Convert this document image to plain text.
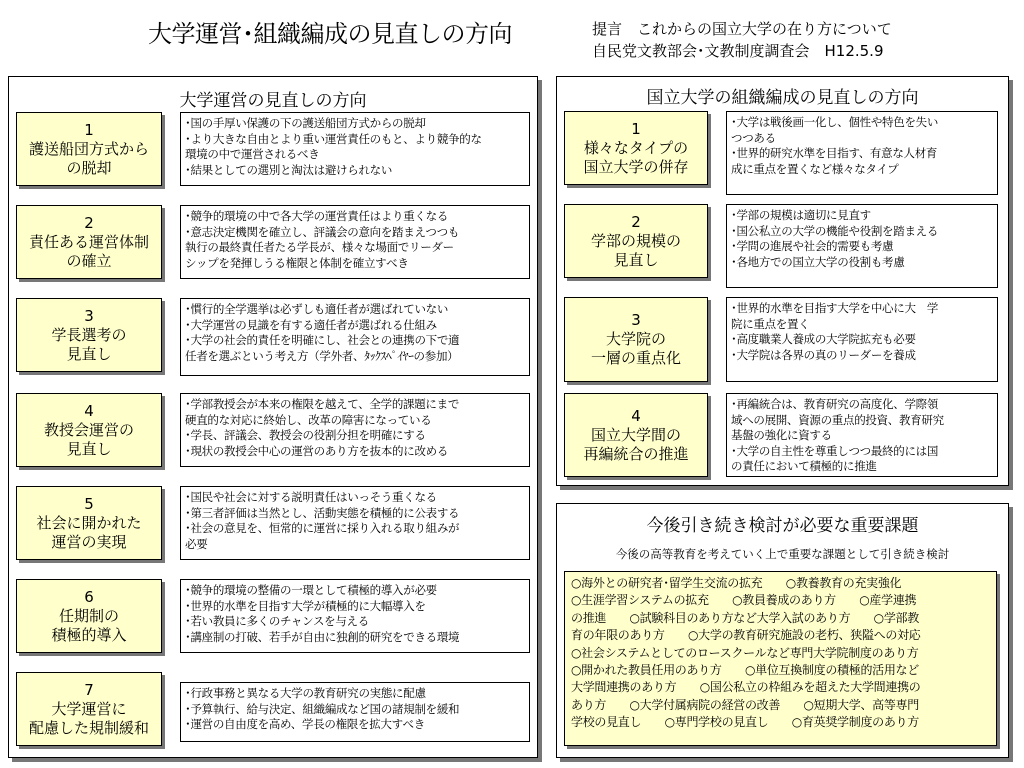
大学運営･組織編成の見直しの方向	提言　これからの国立大学の在り方について
自民党文教部会･文教制度調査会　H12.5.9
大学運営の見直しの方向	国立大学の組織編成の見直しの方向
今後引き続き検討が必要な重要課題
今後の高等教育を考えていく上で重要な課題として引き続き検討
○海外との研究者･留学生交流の拡充　　○教養教育の充実強化
○生涯学習システムの拡充　　○教員養成のあり方　　○産学連携
の推進　　○試験科目のあり方など大学入試のあり方　　○学部教
育の年限のあり方　　○大学の教育研究施設の老朽、狭隘への対応
○社会システムとしてのロースクールなど専門大学院制度のあり方
○開かれた教員任用のあり方　　○単位互換制度の積極的活用など
大学間連携のあり方　　○国公私立の枠組みを超えた大学間連携の
あり方　　○大学付属病院の経営の改善　　○短期大学、高等専門
学校の見直し　　○専門学校の見直し　　○育英奨学制度のあり方
1
護送船団方式から
の脱却
･国の手厚い保護の下の護送船団方式からの脱却
･より大きな自由とより重い運営責任のもと、より競争的な
環境の中で運営されるべき
･結果としての選別と淘汰は避けられない
2
責任ある運営体制
の確立
･競争的環境の中で各大学の運営責任はより重くなる
･意志決定機関を確立し、評議会の意向を踏まえつつも
執行の最終責任者たる学長が、様々な場面でリーダー
シップを発揮しうる権限と体制を確立すべき
3
学長選考の
見直し
･慣行的全学選挙は必ずしも適任者が選ばれていない
･大学運営の見識を有する適任者が選ばれる仕組み
･大学の社会的責任を明確にし、社会との連携の下で適
任者を選ぶという考え方（学外者、ﾀｯｸｽﾍﾟｲﾔｰの参加）
4
教授会運営の
見直し
･学部教授会が本来の権限を越えて、全学的課題にまで
硬直的な対応に終始し、改革の障害になっている
･学長、評議会、教授会の役割分担を明確にする
･現状の教授会中心の運営のあり方を抜本的に改める
5
社会に開かれた
運営の実現
･国民や社会に対する説明責任はいっそう重くなる
･第三者評価は当然とし、活動実態を積極的に公表する
･社会の意見を、恒常的に運営に採り入れる取り組みが
必要
6
任期制の
積極的導入
･競争的環境の整備の一環として積極的導入が必要
･世界的水準を目指す大学が積極的に大幅導入を
･若い教員に多くのチャンスを与える
･講座制の打破、若手が自由に独創的研究をできる環境
7
大学運営に
配慮した規制緩和
･行政事務と異なる大学の教育研究の実態に配慮
･予算執行、給与決定、組織編成など国の諸規制を緩和
･運営の自由度を高め、学長の権限を拡大すべき
1
様々なタイプの
国立大学の併存
･大学は戦後画一化し、個性や特色を失い
つつある
･世界的研究水準を目指す、有意な人材育
成に重点を置くなど様々なタイプ
2
学部の規模の
見直し
･学部の規模は適切に見直す
･国公私立の大学の機能や役割を踏まえる
･学問の進展や社会的需要も考慮
･各地方での国立大学の役割も考慮
3
大学院の
一層の重点化
･世界的水準を目指す大学を中心に大　学
院に重点を置く
･高度職業人養成の大学院拡充も必要
･大学院は各界の真のリーダーを養成
4
国立大学間の
再編統合の推進
･再編統合は、教育研究の高度化、学際領
域への展開、資源の重点的投資、教育研究
基盤の強化に資する
･大学の自主性を尊重しつつ最終的には国
の責任において積極的に推進
